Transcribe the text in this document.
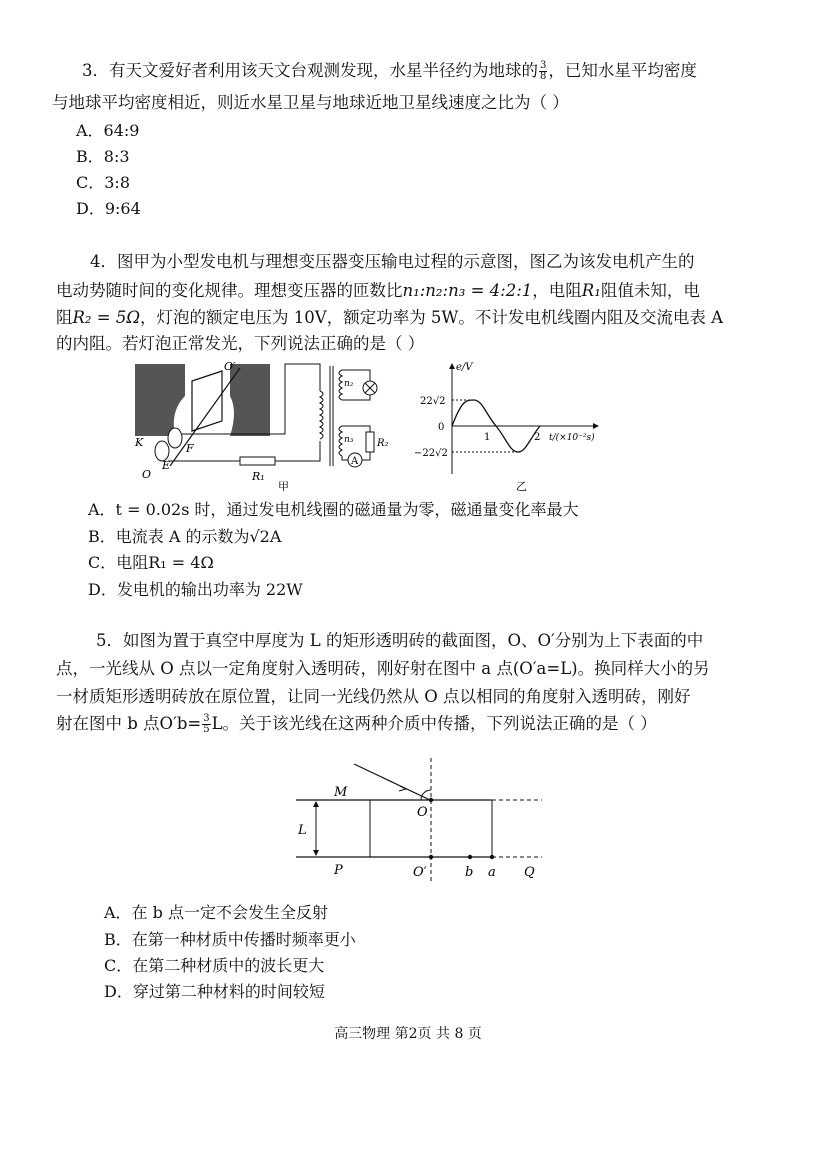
3．有天文爱好者利用该天文台观测发现，水星半径约为地球的 $\frac{3}{8}$ ，已知水星平均密度
与地球平均密度相近，则近水星卫星与地球近地卫星线速度之比为（ ）
A．64:9
B．8:3
C．3:8
D．9:64
4．图甲为小型发电机与理想变压器变压输电过程的示意图，图乙为该发电机产生的
电动势随时间的变化规律。理想变压器的匝数比n₁:n₂:n₃ = 4:2:1，电阻R₁阻值未知，电
阻R₂ = 5Ω，灯泡的额定电压为 10V，额定功率为 5W。不计发电机线圈内阻及交流电表 A
的内阻。若灯泡正常发光，下列说法正确的是（ ）
O′
K	F
O
E
R₁
n₂
n₃ R₂
A
甲
e/V
22√2
0
−22√2
1	2 t/(×10⁻²s)
乙
A．t = 0.02s 时，通过发电机线圈的磁通量为零，磁通量变化率最大
B．电流表 A 的示数为√2A
C．电阻R₁ = 4Ω
D．发电机的输出功率为 22W
5．如图为置于真空中厚度为 L 的矩形透明砖的截面图，O、O′分别为上下表面的中
点，一光线从 O 点以一定角度射入透明砖，刚好射在图中 a 点(O′a=L)。换同样大小的另
一材质矩形透明砖放在原位置，让同一光线仍然从 O 点以相同的角度射入透明砖，刚好
射在图中 b 点$O'b= \frac{3}{5}$ L。关于该光线在这两种介质中传播，下列说法正确的是（ ）
M
O
L
P	O′	b a Q
A．在 b 点一定不会发生全反射
B．在第一种材质中传播时频率更小
C．在第二种材质中的波长更大
D．穿过第二种材料的时间较短
高三物理 第2页 共 8 页
